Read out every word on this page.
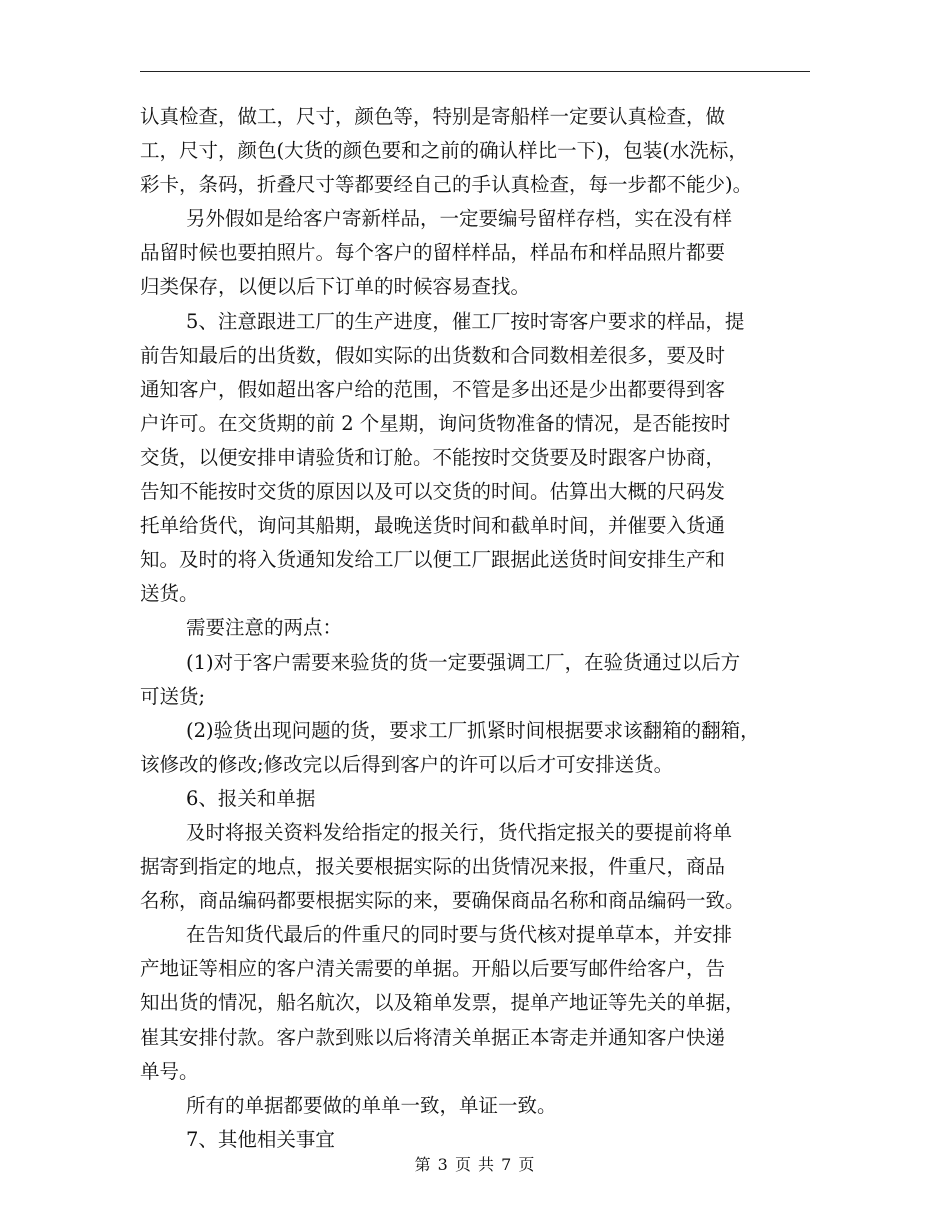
认真检查，做工，尺寸，颜色等，特别是寄船样一定要认真检查，做
工，尺寸，颜色(大货的颜色要和之前的确认样比一下)，包装(水洗标，
彩卡，条码，折叠尺寸等都要经自己的手认真检查，每一步都不能少)。
另外假如是给客户寄新样品，一定要编号留样存档，实在没有样
品留时候也要拍照片。每个客户的留样样品，样品布和样品照片都要
归类保存，以便以后下订单的时候容易查找。
5、注意跟进工厂的生产进度，催工厂按时寄客户要求的样品，提
前告知最后的出货数，假如实际的出货数和合同数相差很多，要及时
通知客户，假如超出客户给的范围，不管是多出还是少出都要得到客
户许可。在交货期的前 2 个星期，询问货物准备的情况，是否能按时
交货，以便安排申请验货和订舱。不能按时交货要及时跟客户协商，
告知不能按时交货的原因以及可以交货的时间。估算出大概的尺码发
托单给货代，询问其船期，最晚送货时间和截单时间，并催要入货通
知。及时的将入货通知发给工厂以便工厂跟据此送货时间安排生产和
送货。
需要注意的两点：
(1)对于客户需要来验货的货一定要强调工厂，在验货通过以后方
可送货;
(2)验货出现问题的货，要求工厂抓紧时间根据要求该翻箱的翻箱，
该修改的修改;修改完以后得到客户的许可以后才可安排送货。
6、报关和单据
及时将报关资料发给指定的报关行，货代指定报关的要提前将单
据寄到指定的地点，报关要根据实际的出货情况来报，件重尺，商品
名称，商品编码都要根据实际的来，要确保商品名称和商品编码一致。
在告知货代最后的件重尺的同时要与货代核对提单草本，并安排
产地证等相应的客户清关需要的单据。开船以后要写邮件给客户，告
知出货的情况，船名航次，以及箱单发票，提单产地证等先关的单据，
崔其安排付款。客户款到账以后将清关单据正本寄走并通知客户快递
单号。
所有的单据都要做的单单一致，单证一致。
7、其他相关事宜
第 3 页 共 7 页
